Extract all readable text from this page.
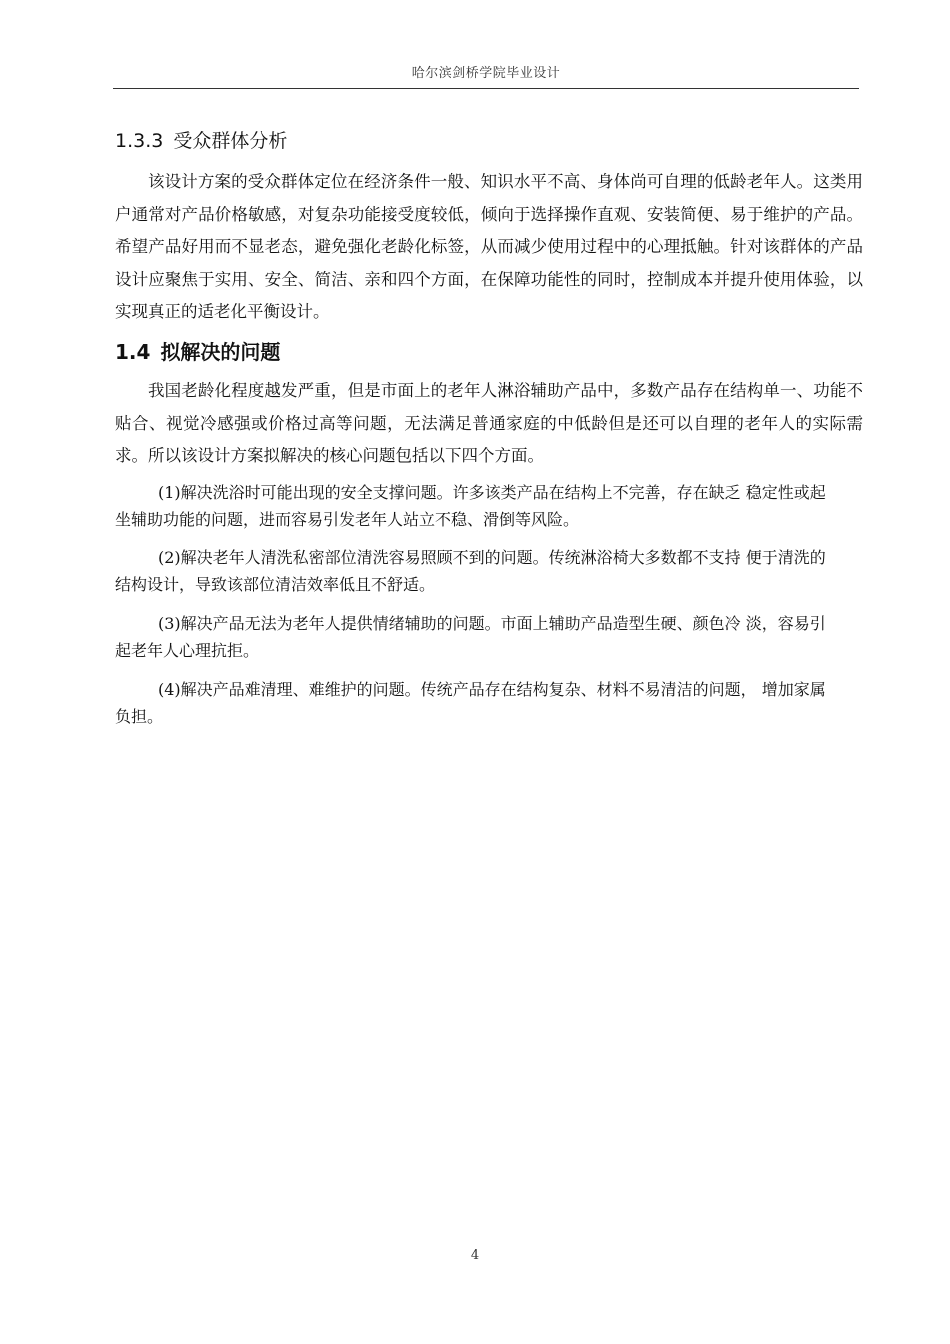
哈尔滨剑桥学院毕业设计
1.3.3 受众群体分析

该设计方案的受众群体定位在经济条件一般、知识水平不高、身体尚可自理的低龄老年人。这类用户通常对产品价格敏感，对复杂功能接受度较低，倾向于选择操作直观、安装简便、易于维护的产品。希望产品好用而不显老态，避免强化老龄化标签，从而减少使用过程中的心理抵触。针对该群体的产品设计应聚焦于实用、安全、简洁、亲和四个方面，在保障功能性的同时，控制成本并提升使用体验，以实现真正的适老化平衡设计。

1.4 拟解决的问题

我国老龄化程度越发严重，但是市面上的老年人淋浴辅助产品中，多数产品存在结构单一、功能不贴合、视觉冷感强或价格过高等问题，无法满足普通家庭的中低龄但是还可以自理的老年人的实际需求。所以该设计方案拟解决的核心问题包括以下四个方面。

(1)解决洗浴时可能出现的安全支撑问题。许多该类产品在结构上不完善，存在缺乏 稳定性或起坐辅助功能的问题，进而容易引发老年人站立不稳、滑倒等风险。

(2)解决老年人清洗私密部位清洗容易照顾不到的问题。传统淋浴椅大多数都不支持 便于清洗的结构设计，导致该部位清洁效率低且不舒适。

(3)解决产品无法为老年人提供情绪辅助的问题。市面上辅助产品造型生硬、颜色冷 淡，容易引起老年人心理抗拒。

(4)解决产品难清理、难维护的问题。传统产品存在结构复杂、材料不易清洁的问题， 增加家属负担。

4
